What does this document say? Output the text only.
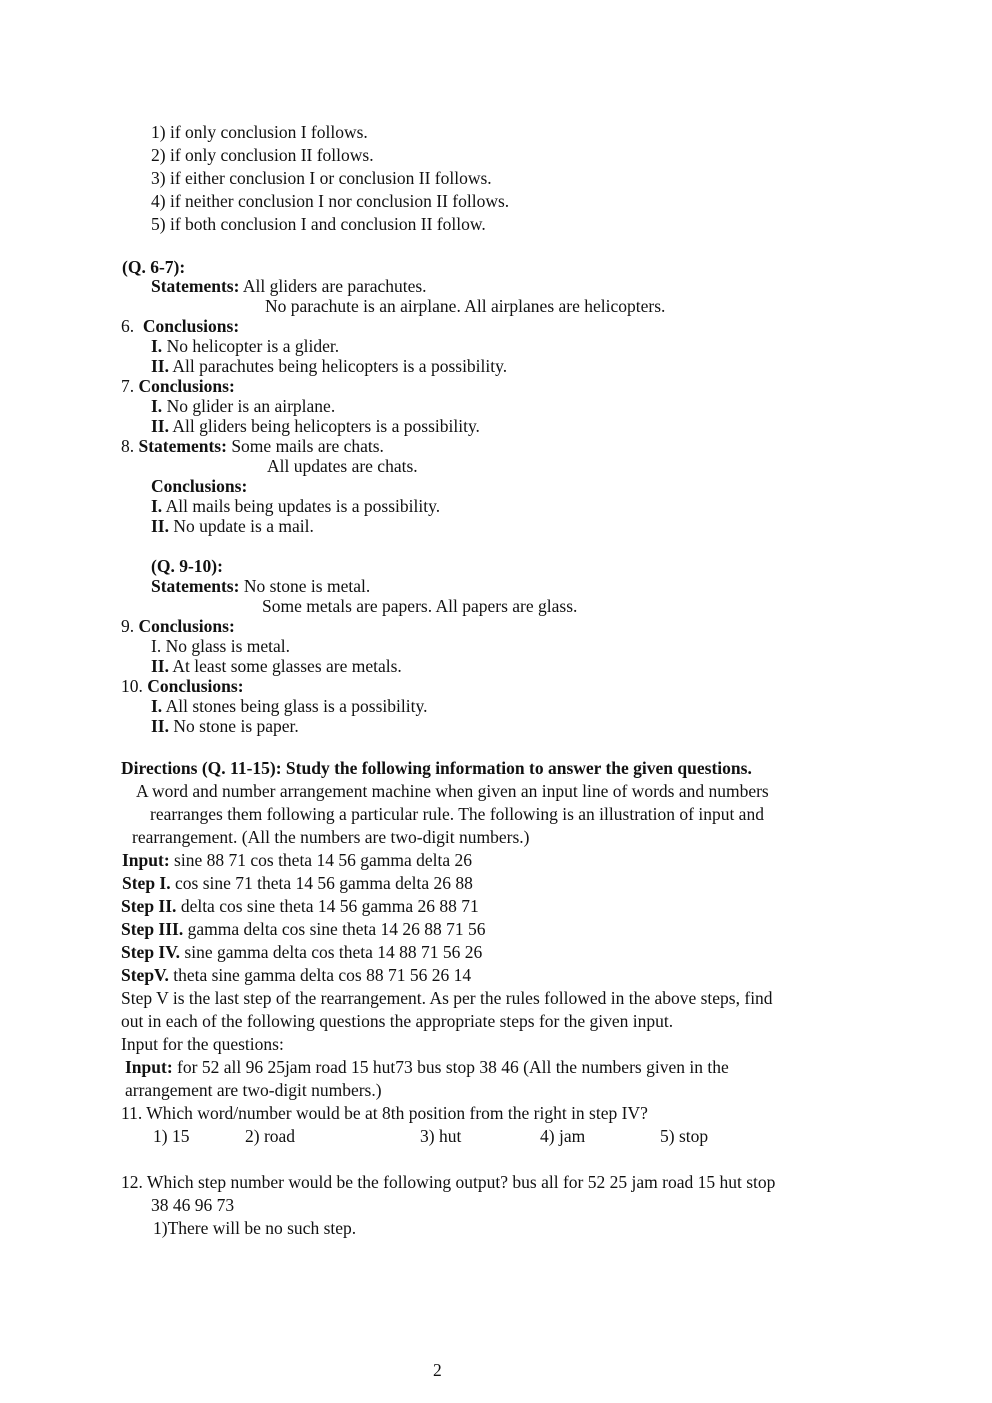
1) if only conclusion I follows.
2) if only conclusion II follows.
3) if either conclusion I or conclusion II follows.
4) if neither conclusion I nor conclusion II follows.
5) if both conclusion I and conclusion II follow.
(Q. 6-7):
Statements: All gliders are parachutes.
No parachute is an airplane. All airplanes are helicopters.
6. Conclusions:
I. No helicopter is a glider.
II. All parachutes being helicopters is a possibility.
7. Conclusions:
I. No glider is an airplane.
II. All gliders being helicopters is a possibility.
8. Statements: Some mails are chats.
All updates are chats.
Conclusions:
I. All mails being updates is a possibility.
II. No update is a mail.
(Q. 9-10):
Statements: No stone is metal.
Some metals are papers. All papers are glass.
9. Conclusions:
I. No glass is metal.
II. At least some glasses are metals.
10. Conclusions:
I. All stones being glass is a possibility.
II. No stone is paper.
Directions (Q. 11-15): Study the following information to answer the given questions.
A word and number arrangement machine when given an input line of words and numbers
rearranges them following a particular rule. The following is an illustration of input and
rearrangement. (All the numbers are two-digit numbers.)
Input: sine 88 71 cos theta 14 56 gamma delta 26
Step I. cos sine 71 theta 14 56 gamma delta 26 88
Step II. delta cos sine theta 14 56 gamma 26 88 71
Step III. gamma delta cos sine theta 14 26 88 71 56
Step IV. sine gamma delta cos theta 14 88 71 56 26
StepV. theta sine gamma delta cos 88 71 56 26 14
Step V is the last step of the rearrangement. As per the rules followed in the above steps, find
out in each of the following questions the appropriate steps for the given input.
Input for the questions:
Input: for 52 all 96 25jam road 15 hut73 bus stop 38 46 (All the numbers given in the
arrangement are two-digit numbers.)
11. Which word/number would be at 8th position from the right in step IV?
1) 15	2) road	3) hut	4) jam	5) stop
12. Which step number would be the following output? bus all for 52 25 jam road 15 hut stop
38 46 96 73
1)There will be no such step.
2
